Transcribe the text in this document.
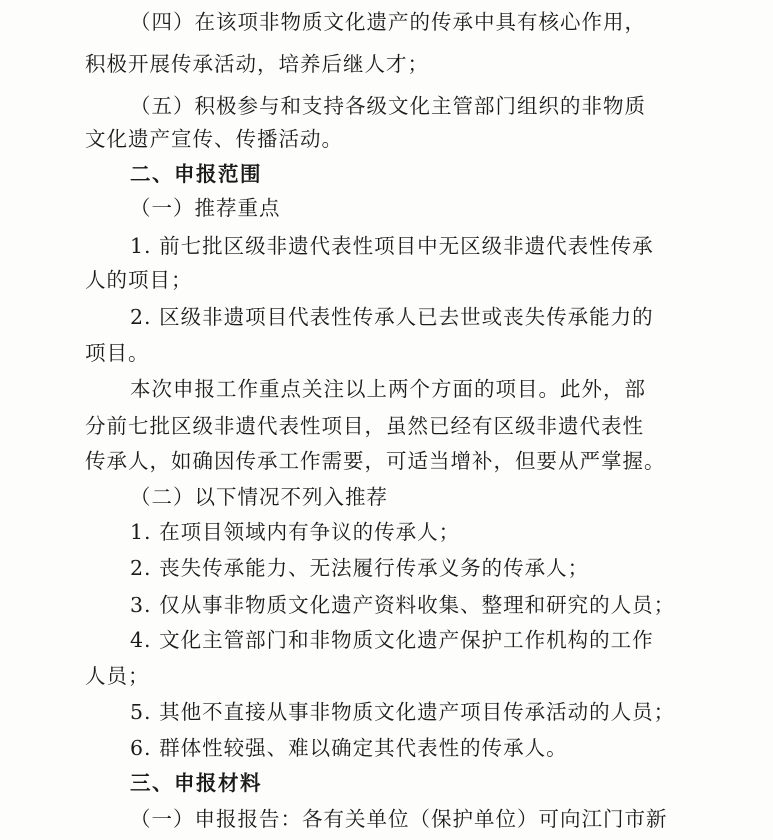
（四）在该项非物质文化遗产的传承中具有核心作用，
积极开展传承活动，培养后继人才；
（五）积极参与和支持各级文化主管部门组织的非物质
文化遗产宣传、传播活动。
二、申报范围
（一）推荐重点
1. 前七批区级非遗代表性项目中无区级非遗代表性传承
人的项目；
2. 区级非遗项目代表性传承人已去世或丧失传承能力的
项目。
本次申报工作重点关注以上两个方面的项目。此外，部
分前七批区级非遗代表性项目，虽然已经有区级非遗代表性
传承人，如确因传承工作需要，可适当增补，但要从严掌握。
（二）以下情况不列入推荐
1. 在项目领域内有争议的传承人；
2. 丧失传承能力、无法履行传承义务的传承人；
3. 仅从事非物质文化遗产资料收集、整理和研究的人员；
4. 文化主管部门和非物质文化遗产保护工作机构的工作
人员；
5. 其他不直接从事非物质文化遗产项目传承活动的人员；
6. 群体性较强、难以确定其代表性的传承人。
三、申报材料
（一）申报报告：各有关单位（保护单位）可向江门市新
